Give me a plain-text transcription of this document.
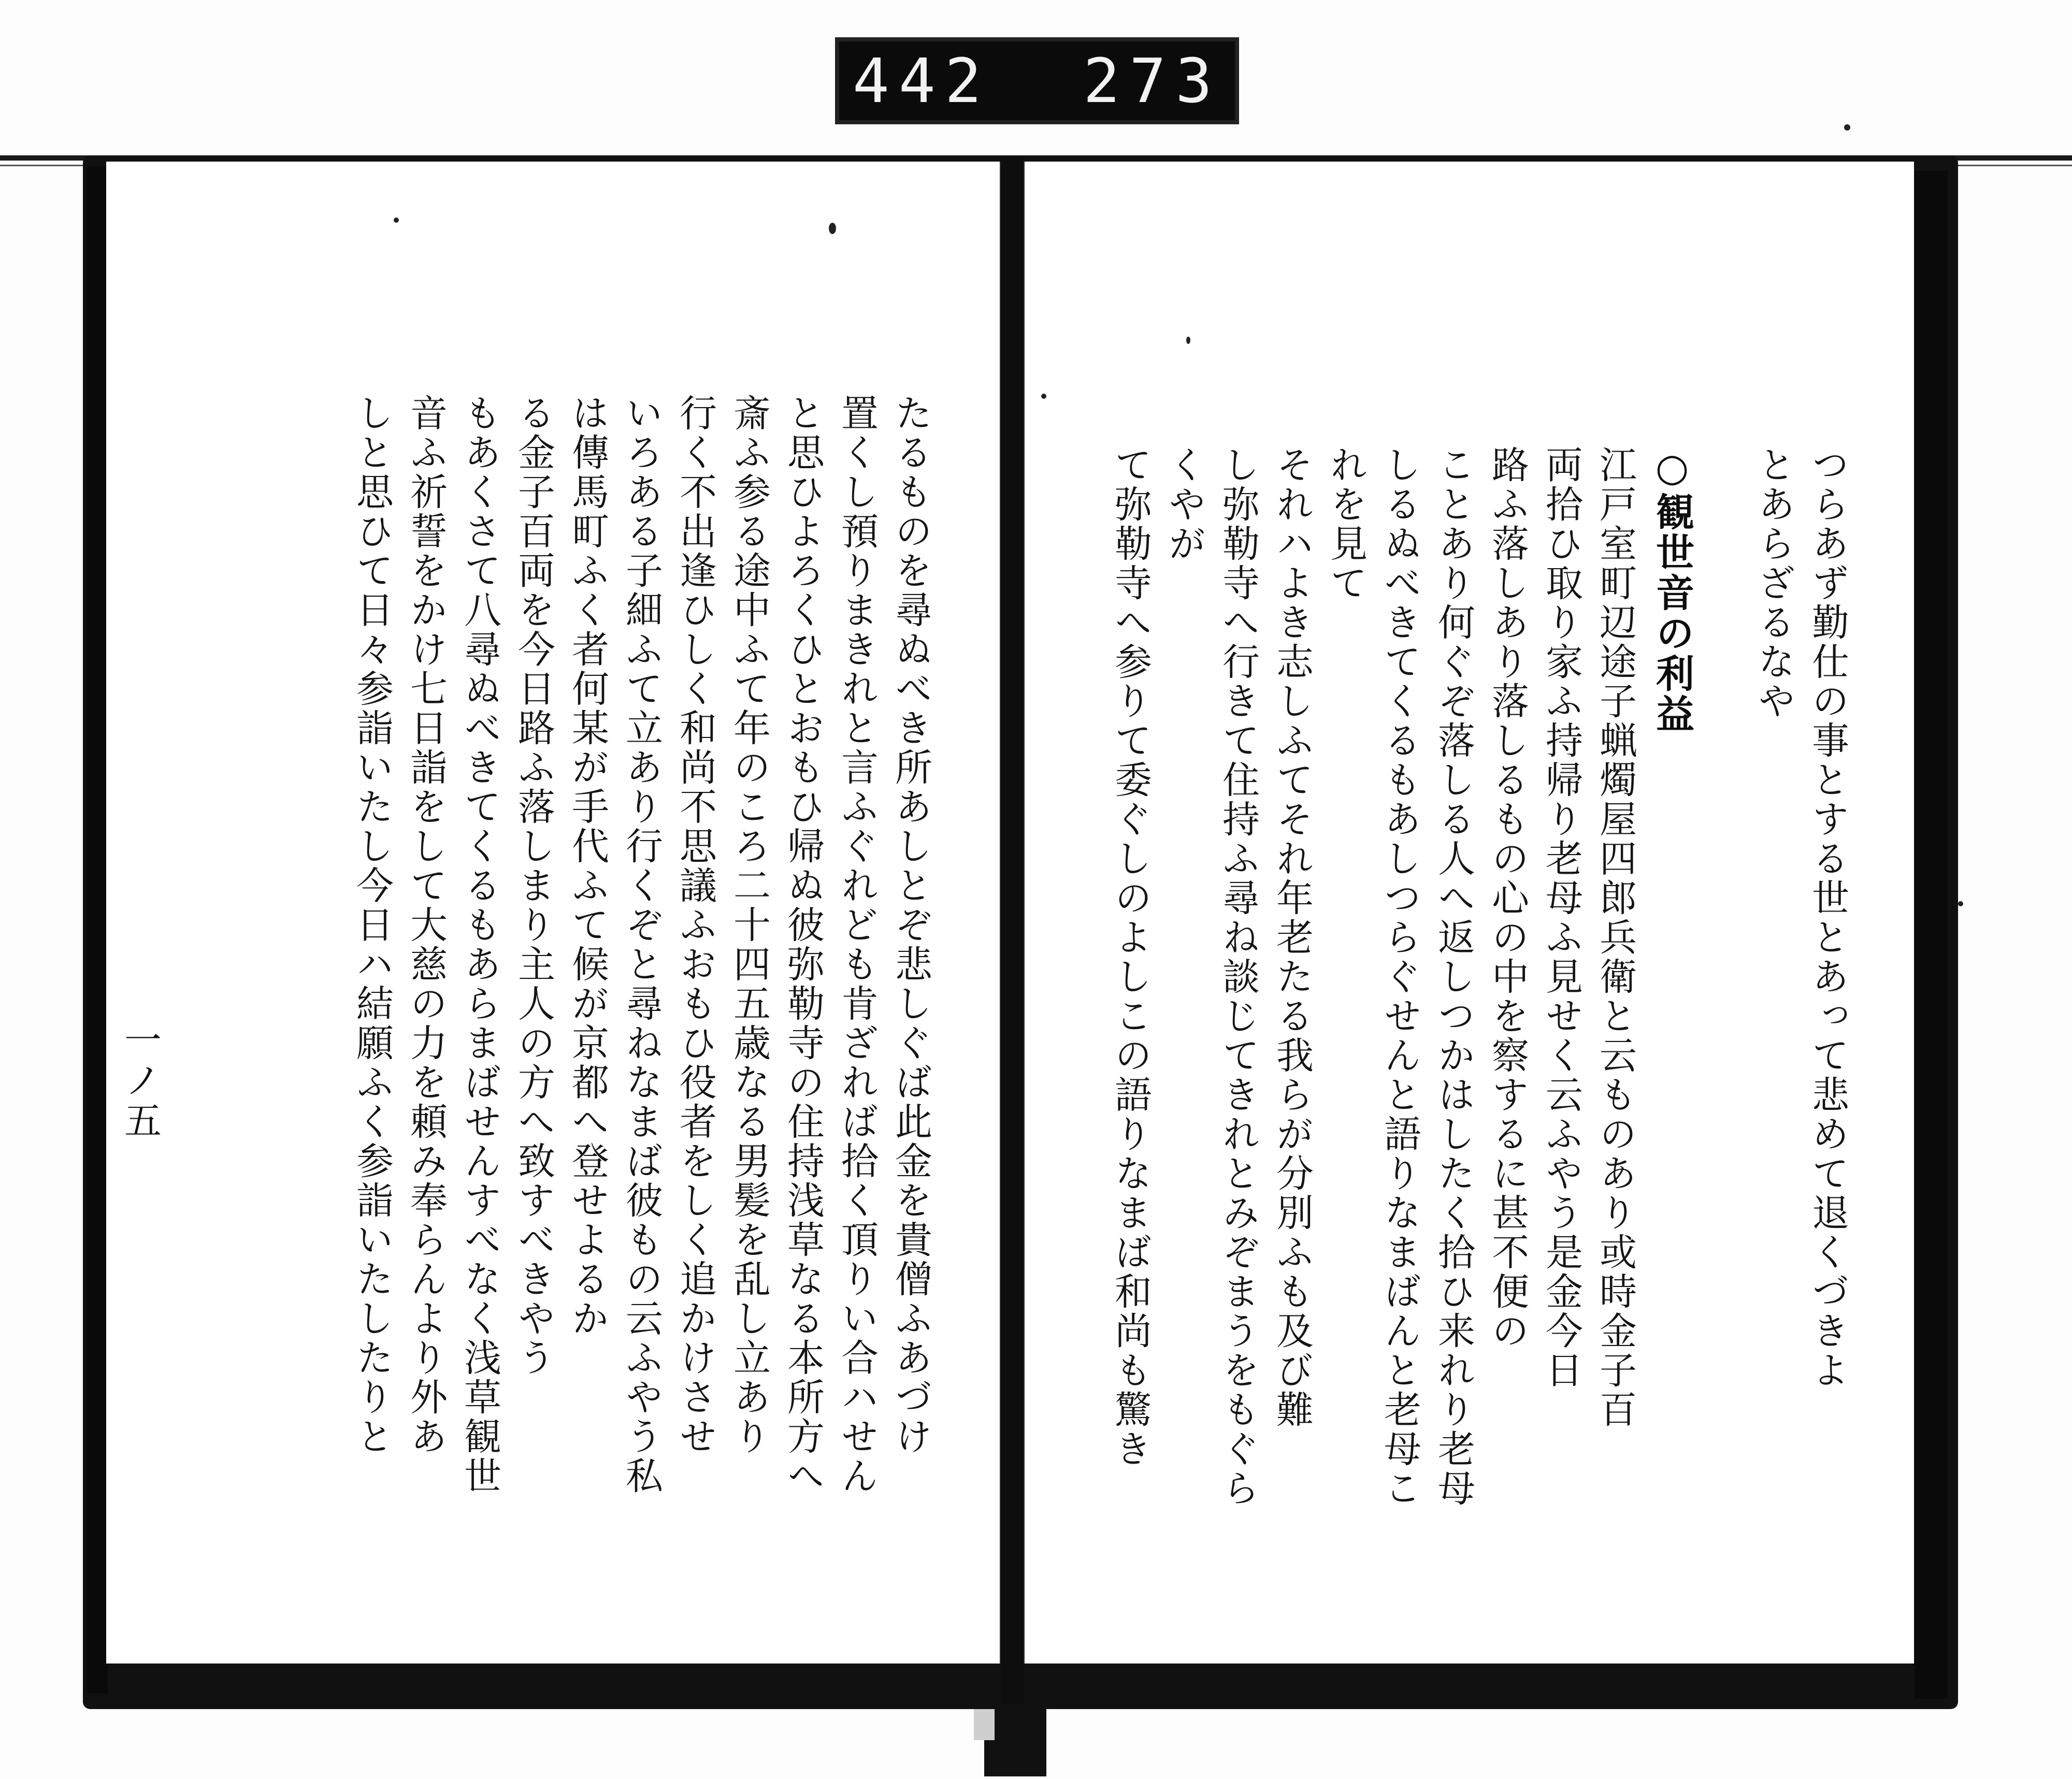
442  273
つらあず勤仕の事とする世とあって悲めて退くづきよ
とあらざるなや
○観世音の利益
江戸室町辺途子蝋燭屋四郎兵衛と云ものあり或時金子百
両拾ひ取り家ふ持帰り老母ふ見せく云ふやう是金今日
路ふ落しあり落しるもの心の中を察するに甚不便の
ことあり何ぐぞ落しる人へ返しつかはしたく拾ひ来れり老母
しるぬべきてくるもあしつらぐせんと語りなまばんと老母これを見て
それハよき志しふてそれ年老たる我らが分別ふも及び難
し弥勒寺へ行きて住持ふ尋ね談じてきれとみぞまうをもぐらくやが
て弥勒寺へ参りて委ぐしのよしこの語りなまば和尚も驚き
たるものを尋ぬべき所あしとぞ悲しぐば此金を貴僧ふあづけ
置くし預りまきれと言ふぐれども肯ざれば拾く頂りい合ハせん
と思ひよろくひとおもひ帰ぬ彼弥勒寺の住持浅草なる本所方へ
斎ふ参る途中ふて年のころ二十四五歳なる男髪を乱し立あり
行く不出逢ひしく和尚不思議ふおもひ役者をしく追かけさせ
いろある子細ふて立あり行くぞと尋ねなまば彼もの云ふやう私
は傳馬町ふく者何某が手代ふて候が京都へ登せよるか
る金子百両を今日路ふ落しまり主人の方へ致すべきやう
もあくさて八尋ぬべきてくるもあらまばせんすべなく浅草観世
音ふ祈誓をかけ七日詣をして大慈の力を頼み奉らんより外あ
しと思ひて日々参詣いたし今日ハ結願ふく参詣いたしたりと
一ノ五
